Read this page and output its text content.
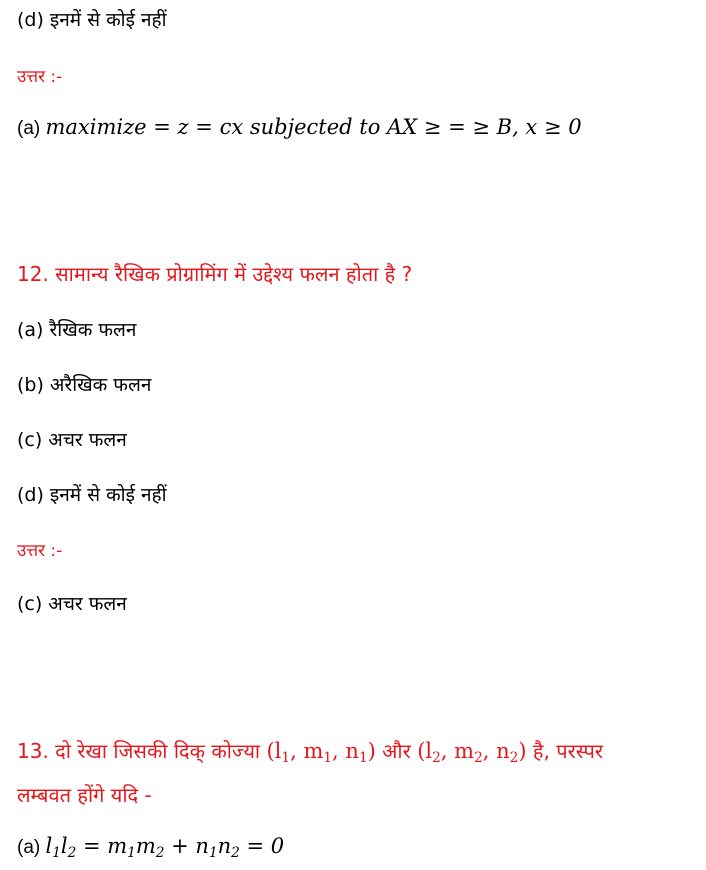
(d) इनमें से कोई नहीं
उत्तर :-
(a) maximize = z = cx subjected to AX ≥ = ≥ B, x ≥ 0
12. सामान्य रैखिक प्रोग्रामिंग में उद्देश्य फलन होता है ?
(a) रैखिक फलन
(b) अरैखिक फलन
(c) अचर फलन
(d) इनमें से कोई नहीं
उत्तर :-
(c) अचर फलन
13. दो रेखा जिसकी दिक् कोज्या ($l_1$, $m_1$, $n_1$) और ($l_2$, $m_2$, $n_2$) है, परस्पर
लम्बवत होंगे यदि -
(a) $l_1l_2 = m_1m_2 + n_1n_2 = 0$
